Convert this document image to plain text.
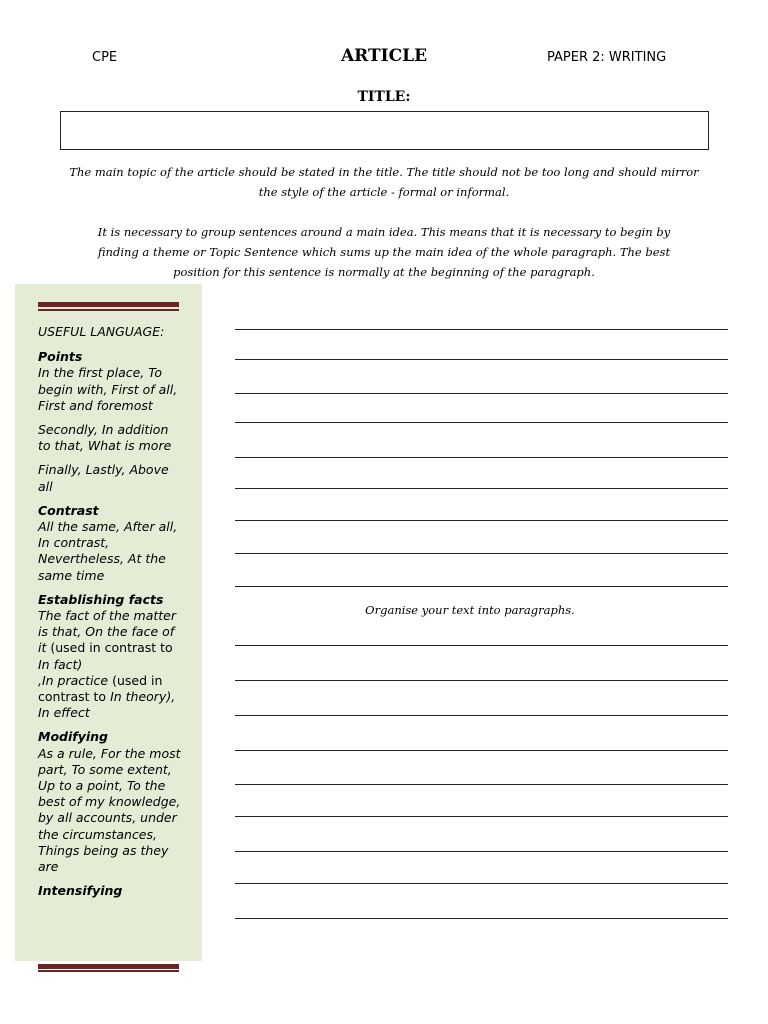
CPE	ARTICLE	PAPER 2: WRITING
TITLE:

The main topic of the article should be stated in the title. The title should not be too long and should mirror the style of the article - formal or informal.

It is necessary to group sentences around a main idea. This means that it is necessary to begin by finding a theme or Topic Sentence which sums up the main idea of the whole paragraph. The best position for this sentence is normally at the beginning of the paragraph.

USEFUL LANGUAGE:

Points

In the first place, To begin with, First of all, First and foremost

Secondly, In addition to that, What is more

Finally, Lastly, Above all

Contrast

All the same, After all, In contrast, Nevertheless, At the same time

Establishing facts

The fact of the matter is that, On the face of it (used in contrast to In fact)
,In practice (used in contrast to In theory), In effect

Modifying

As a rule, For the most part, To some extent, Up to a point, To the best of my knowledge, by all accounts, under the circumstances, Things being as they are

Intensifying
Organise your text into paragraphs.
